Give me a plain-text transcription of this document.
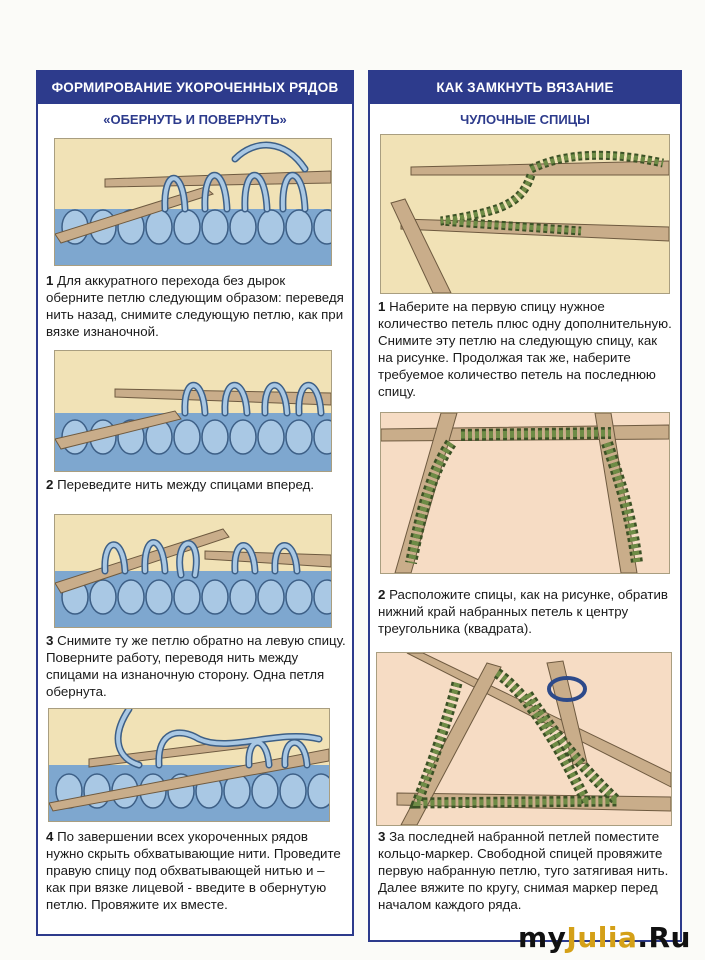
ФОРМИРОВАНИЕ УКОРОЧЕННЫХ РЯДОВ
«ОБЕРНУТЬ И ПОВЕРНУТЬ»

1 Для аккуратного перехода без дырок оберните петлю следующим образом: переведя нить назад, снимите следующую петлю, как при вязке изнаночной.

2 Переведите нить между спицами вперед.

3 Снимите ту же петлю обратно на левую спицу. Поверните работу, переводя нить между спицами на изнаночную сторону. Одна петля обернута.

4 По завершении всех укороченных рядов нужно скрыть обхватывающие нити. Проведите правую спицу под обхватывающей нитью и – как при вязке лицевой - введите в обернутую петлю. Провяжите их вместе.

КАК ЗАМКНУТЬ ВЯЗАНИЕ
ЧУЛОЧНЫЕ СПИЦЫ

1 Наберите на первую спицу нужное количество петель плюс одну дополнительную. Снимите эту петлю на следующую спицу, как на рисунке. Продолжая так же, наберите требуемое количество петель на последнюю спицу.

2 Расположите спицы, как на рисунке, обратив нижний край набранных петель к центру треугольника (квадрата).

3 За последней набранной петлей поместите кольцо-маркер. Свободной спицей провяжите первую набранную петлю, туго затягивая нить. Далее вяжите по кругу, снимая маркер перед началом каждого ряда.

myJulia.Ru
